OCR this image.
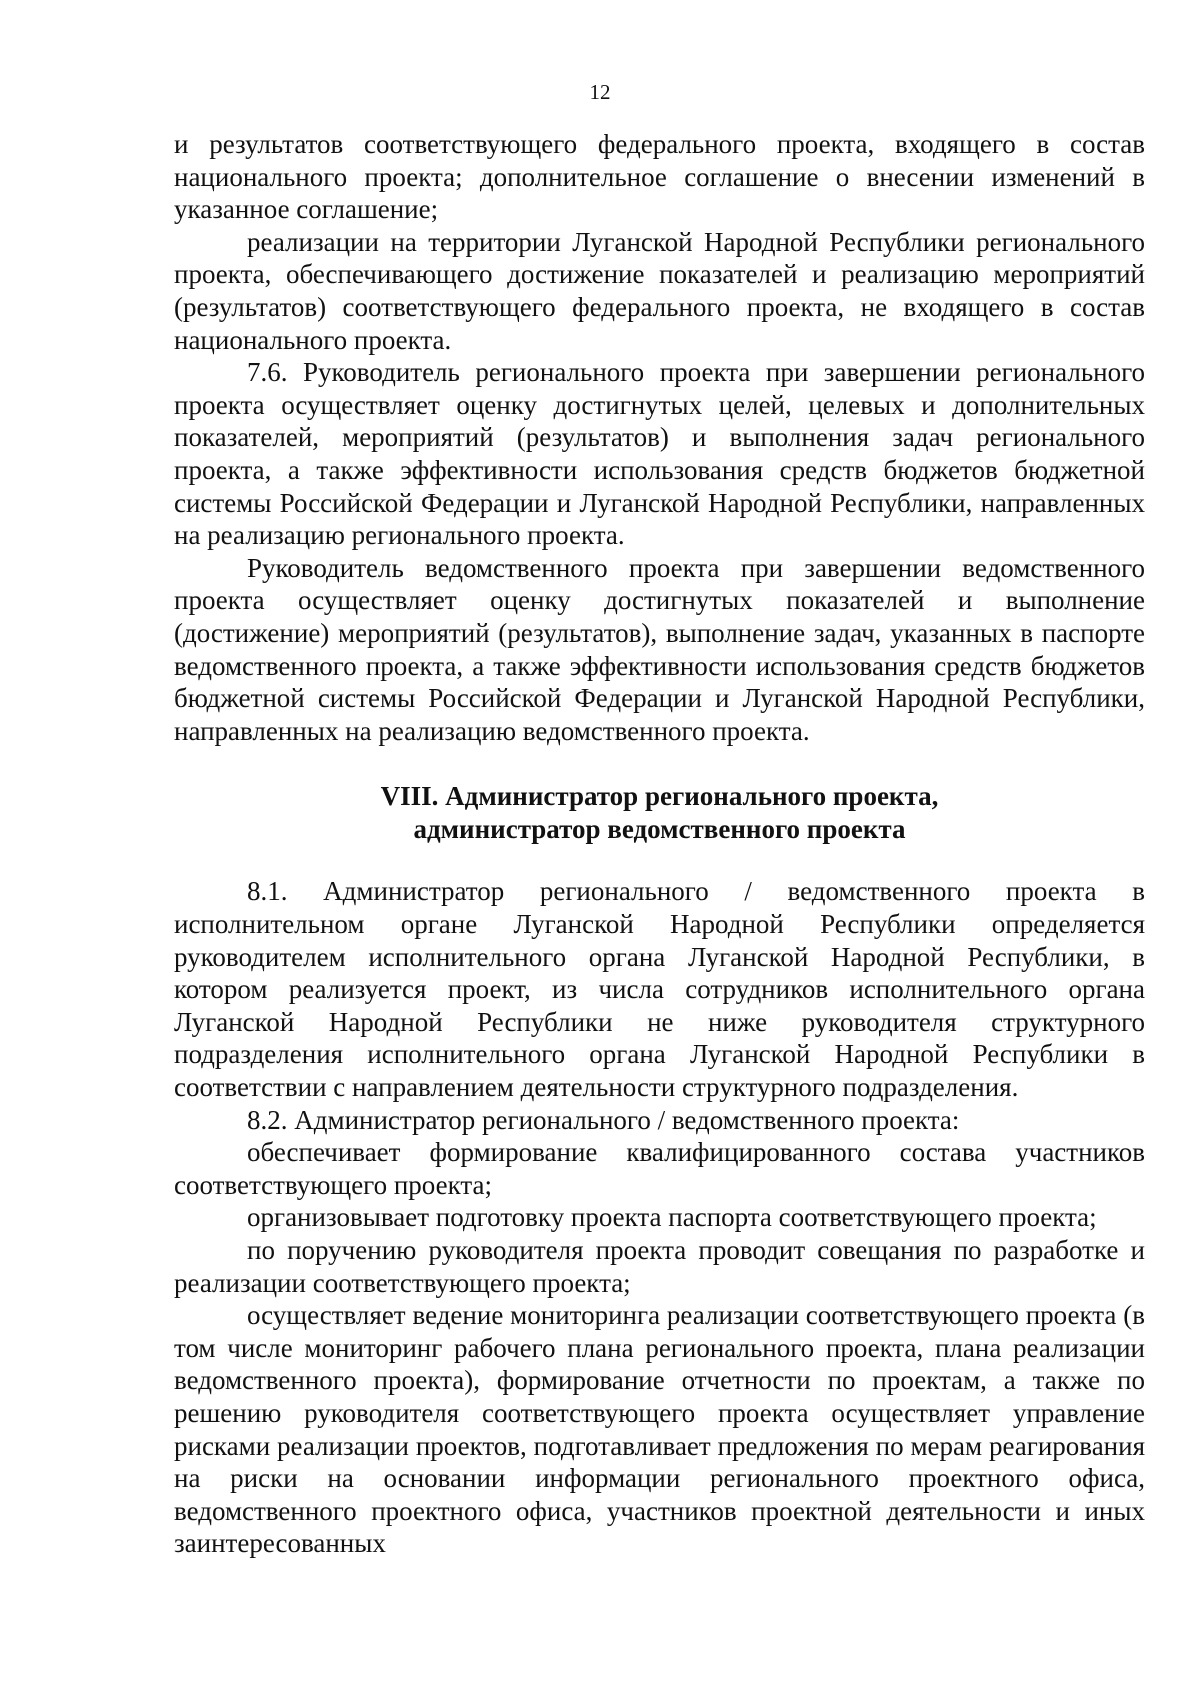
12

и результатов соответствующего федерального проекта, входящего в состав национального проекта; дополнительное соглашение о внесении изменений в указанное соглашение;

реализации на территории Луганской Народной Республики регионального проекта, обеспечивающего достижение показателей и реализацию мероприятий (результатов) соответствующего федерального проекта, не входящего в состав национального проекта.

7.6. Руководитель регионального проекта при завершении регионального проекта осуществляет оценку достигнутых целей, целевых и дополнительных показателей, мероприятий (результатов) и выполнения задач регионального проекта, а также эффективности использования средств бюджетов бюджетной системы Российской Федерации и Луганской Народной Республики, направленных на реализацию регионального проекта.

Руководитель ведомственного проекта при завершении ведомственного проекта осуществляет оценку достигнутых показателей и выполнение (достижение) мероприятий (результатов), выполнение задач, указанных в паспорте ведомственного проекта, а также эффективности использования средств бюджетов бюджетной системы Российской Федерации и Луганской Народной Республики, направленных на реализацию ведомственного проекта.

VIII. Администратор регионального проекта,
администратор ведомственного проекта

8.1. Администратор регионального / ведомственного проекта в исполнительном органе Луганской Народной Республики определяется руководителем исполнительного органа Луганской Народной Республики, в котором реализуется проект, из числа сотрудников исполнительного органа Луганской Народной Республики не ниже руководителя структурного подразделения исполнительного органа Луганской Народной Республики в соответствии с направлением деятельности структурного подразделения.

8.2. Администратор регионального / ведомственного проекта:

обеспечивает формирование квалифицированного состава участников соответствующего проекта;

организовывает подготовку проекта паспорта соответствующего проекта;

по поручению руководителя проекта проводит совещания по разработке и реализации соответствующего проекта;

осуществляет ведение мониторинга реализации соответствующего проекта (в том числе мониторинг рабочего плана регионального проекта, плана реализации ведомственного проекта), формирование отчетности по проектам, а также по решению руководителя соответствующего проекта осуществляет управление рисками реализации проектов, подготавливает предложения по мерам реагирования на риски на основании информации регионального проектного офиса, ведомственного проектного офиса, участников проектной деятельности и иных заинтересованных
